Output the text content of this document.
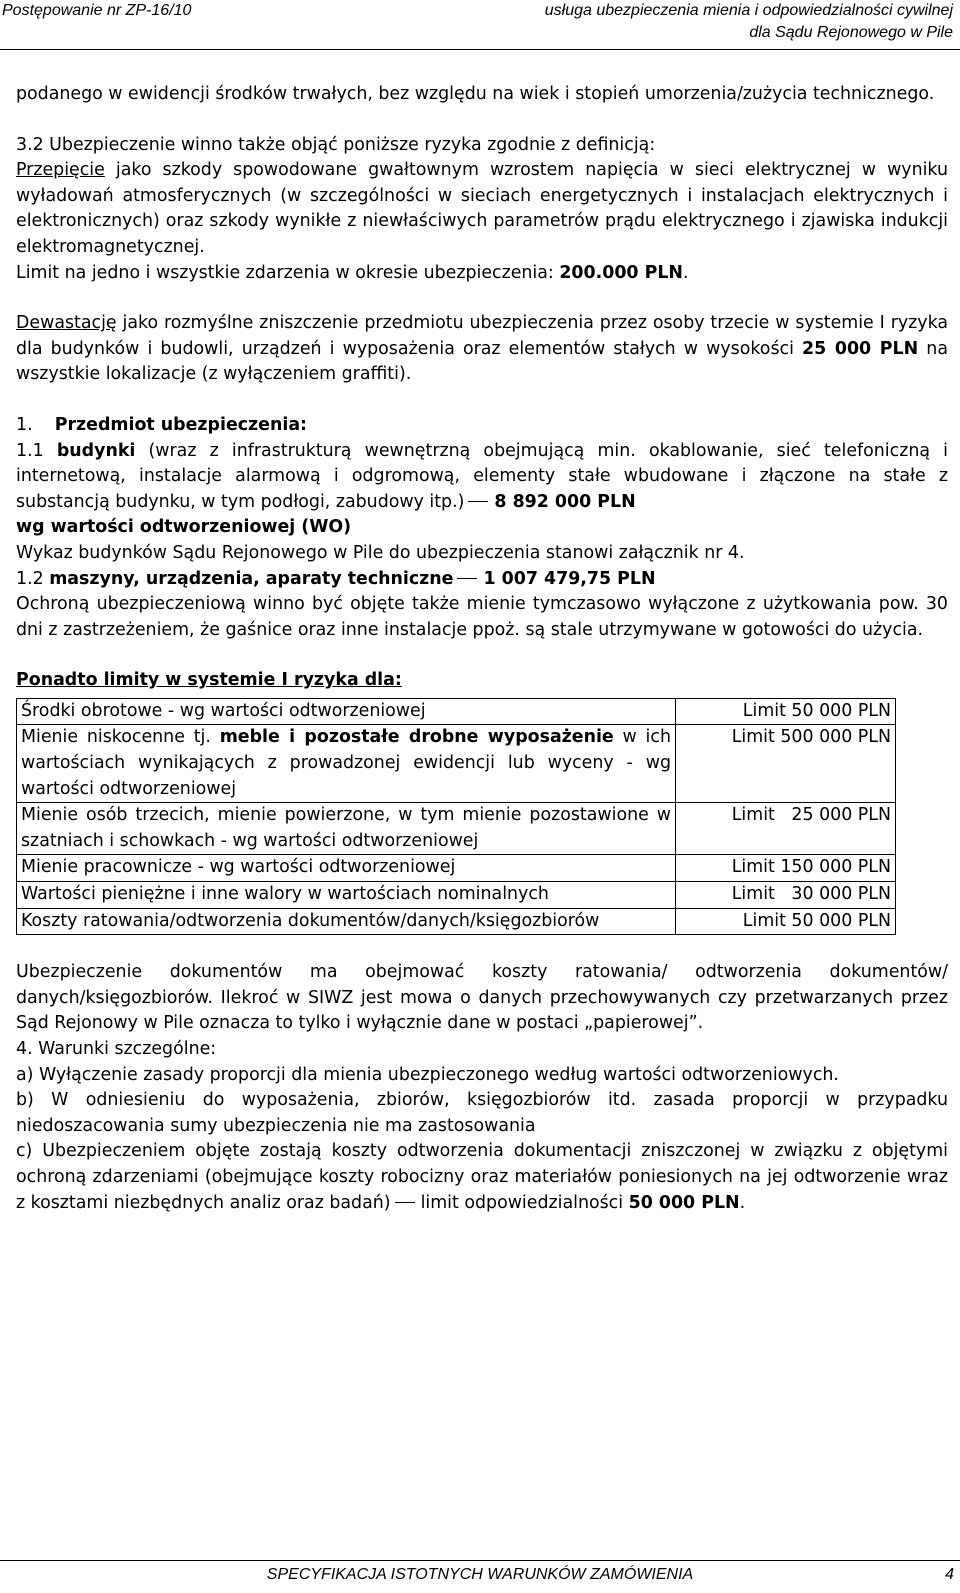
Postępowanie nr ZP-16/10	usługa ubezpieczenia mienia i odpowiedzialności cywilnej
dla Sądu Rejonowego w Pile

podanego w ewidencji środków trwałych, bez względu na wiek i stopień umorzenia/zużycia technicznego.

3.2 Ubezpieczenie winno także objąć poniższe ryzyka zgodnie z definicją:

Przepięcie jako szkody spowodowane gwałtownym wzrostem napięcia w sieci elektrycznej w wyniku wyładowań atmosferycznych (w szczególności w sieciach energetycznych i instalacjach elektrycznych i elektronicznych) oraz szkody wynikłe z niewłaściwych parametrów prądu elektrycznego i zjawiska indukcji elektromagnetycznej.

Limit na jedno i wszystkie zdarzenia w okresie ubezpieczenia: 200.000 PLN.

Dewastację jako rozmyślne zniszczenie przedmiotu ubezpieczenia przez osoby trzecie w systemie I ryzyka dla budynków i budowli, urządzeń i wyposażenia oraz elementów stałych w wysokości 25 000 PLN na wszystkie lokalizacje (z wyłączeniem graffiti).

1. Przedmiot ubezpieczenia:

1.1 budynki (wraz z infrastrukturą wewnętrzną obejmującą min. okablowanie, sieć telefoniczną i internetową, instalacje alarmową i odgromową, elementy stałe wbudowane i złączone na stałe z substancją budynku, w tym podłogi, zabudowy itp.) 8 892 000 PLN

wg wartości odtworzeniowej (WO)

Wykaz budynków Sądu Rejonowego w Pile do ubezpieczenia stanowi załącznik nr 4.

1.2 maszyny, urządzenia, aparaty techniczne 1 007 479,75 PLN

Ochroną ubezpieczeniową winno być objęte także mienie tymczasowo wyłączone z użytkowania pow. 30 dni z zastrzeżeniem, że gaśnice oraz inne instalacje ppoż. są stale utrzymywane w gotowości do użycia.

Ponadto limity w systemie I ryzyka dla:

Środki obrotowe - wg wartości odtworzeniowej	Limit 50 000 PLN
Mienie niskocenne tj. meble i pozostałe drobne wyposażenie w ich wartościach wynikających z prowadzonej ewidencji lub wyceny - wg wartości odtworzeniowej	Limit 500 000 PLN
Mienie osób trzecich, mienie powierzone, w tym mienie pozostawione w szatniach i schowkach - wg wartości odtworzeniowej	Limit   25 000 PLN
Mienie pracownicze - wg wartości odtworzeniowej	Limit 150 000 PLN
Wartości pieniężne i inne walory w wartościach nominalnych	Limit   30 000 PLN
Koszty ratowania/odtworzenia dokumentów/danych/księgozbiorów	Limit 50 000 PLN

Ubezpieczenie dokumentów ma obejmować koszty ratowania/ odtworzenia dokumentów/ danych/księgozbiorów. Ilekroć w SIWZ jest mowa o danych przechowywanych czy przetwarzanych przez Sąd Rejonowy w Pile oznacza to tylko i wyłącznie dane w postaci „papierowej”.

4. Warunki szczególne:

a) Wyłączenie zasady proporcji dla mienia ubezpieczonego według wartości odtworzeniowych.

b) W odniesieniu do wyposażenia, zbiorów, księgozbiorów itd. zasada proporcji w przypadku niedoszacowania sumy ubezpieczenia nie ma zastosowania

c) Ubezpieczeniem objęte zostają koszty odtworzenia dokumentacji zniszczonej w związku z objętymi ochroną zdarzeniami (obejmujące koszty robocizny oraz materiałów poniesionych na jej odtworzenie wraz z kosztami niezbędnych analiz oraz badań) limit odpowiedzialności 50 000 PLN.

SPECYFIKACJA ISTOTNYCH WARUNKÓW ZAMÓWIENIA	4
